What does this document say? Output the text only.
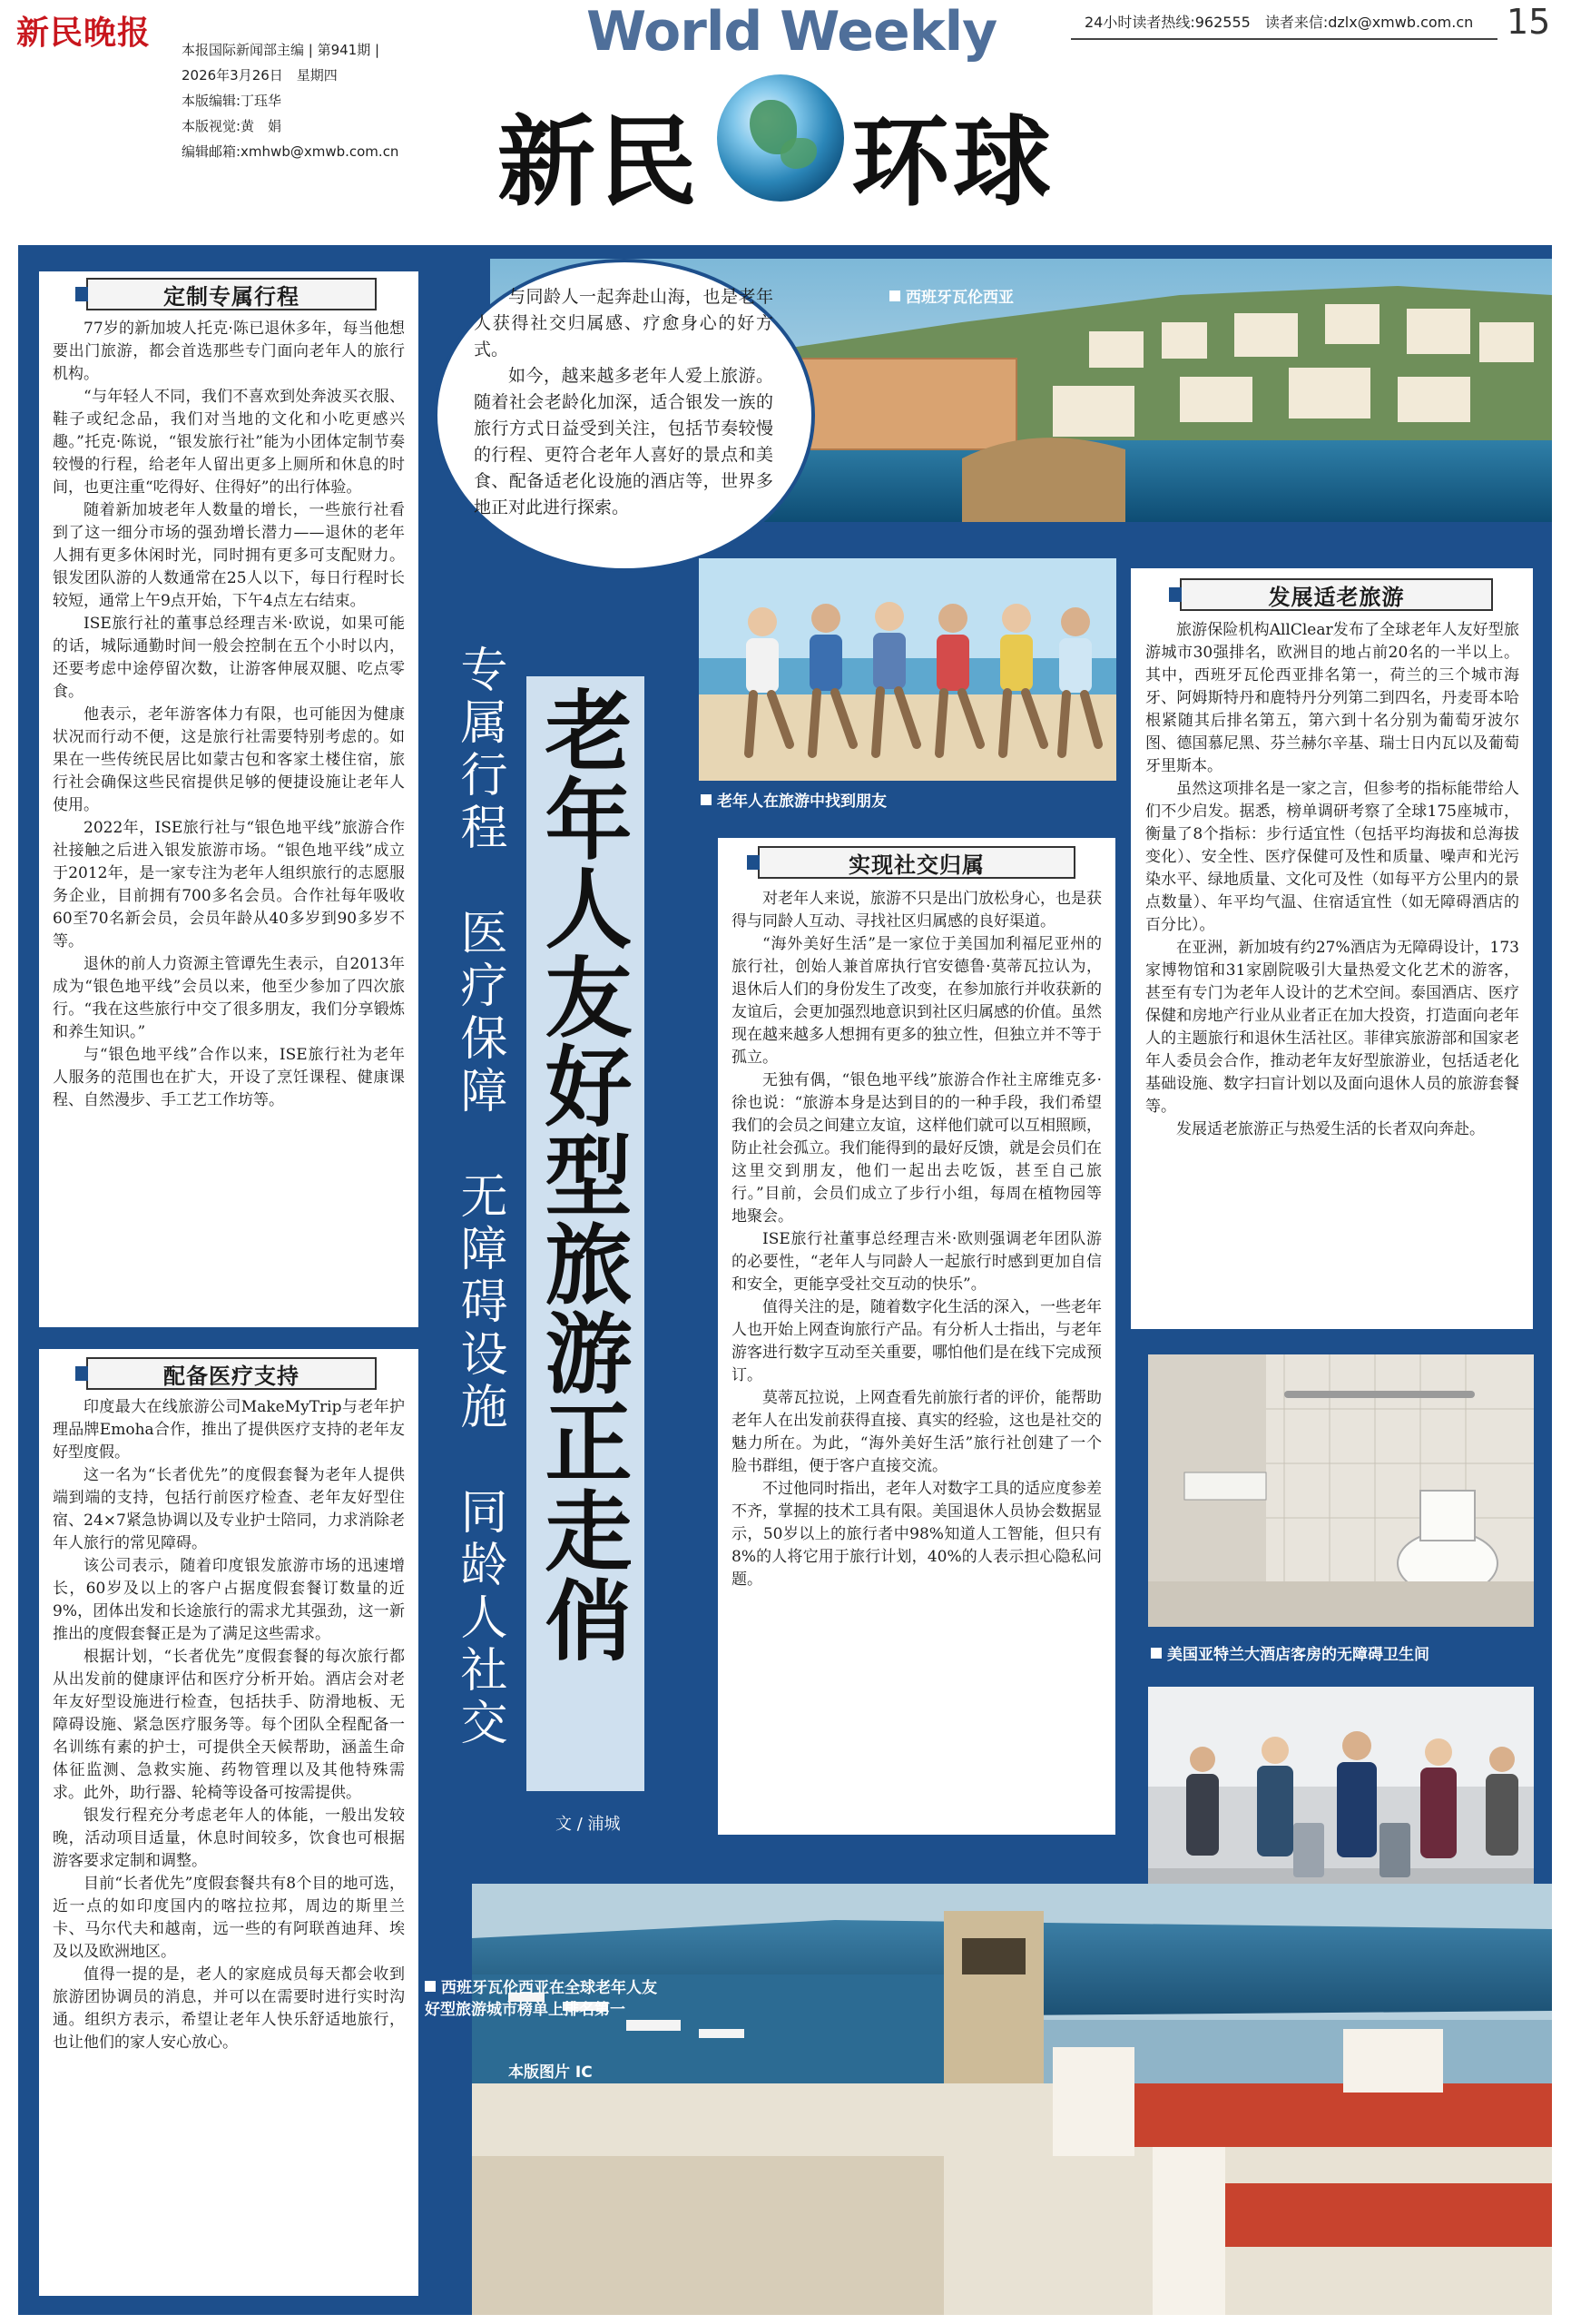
新民晚报 本报国际新闻部主编 | 第941期 |
2026年3月26日　星期四
本版编辑:丁珏华
本版视觉:黄　娟
编辑邮箱:xmhwb@xmwb.com.cn
World Weekly	24小时读者热线:962555　读者来信:dzlx@xmwb.com.cn 15
新民 环球
西班牙瓦伦西亚

与同龄人一起奔赴山海，也是老年人获得社交归属感、疗愈身心的好方式。

如今，越来越多老年人爱上旅游。随着社会老龄化加深，适合银发一族的旅行方式日益受到关注，包括节奏较慢的行程、更符合老年人喜好的景点和美食、配备适老化设施的酒店等，世界多地正对此进行探索。

定制专属行程

77岁的新加坡人托克·陈已退休多年，每当他想要出门旅游，都会首选那些专门面向老年人的旅行机构。

“与年轻人不同，我们不喜欢到处奔波买衣服、鞋子或纪念品，我们对当地的文化和小吃更感兴趣。”托克·陈说，“银发旅行社”能为小团体定制节奏较慢的行程，给老年人留出更多上厕所和休息的时间，也更注重“吃得好、住得好”的出行体验。

随着新加坡老年人数量的增长，一些旅行社看到了这一细分市场的强劲增长潜力——退休的老年人拥有更多休闲时光，同时拥有更多可支配财力。银发团队游的人数通常在25人以下，每日行程时长较短，通常上午9点开始，下午4点左右结束。

ISE旅行社的董事总经理吉米·欧说，如果可能的话，城际通勤时间一般会控制在五个小时以内，还要考虑中途停留次数，让游客伸展双腿、吃点零食。

他表示，老年游客体力有限，也可能因为健康状况而行动不便，这是旅行社需要特别考虑的。如果在一些传统民居比如蒙古包和客家土楼住宿，旅行社会确保这些民宿提供足够的便捷设施让老年人使用。

2022年，ISE旅行社与“银色地平线”旅游合作社接触之后进入银发旅游市场。“银色地平线”成立于2012年，是一家专注为老年人组织旅行的志愿服务企业，目前拥有700多名会员。合作社每年吸收60至70名新会员，会员年龄从40多岁到90多岁不等。

退休的前人力资源主管谭先生表示，自2013年成为“银色地平线”会员以来，他至少参加了四次旅行。“我在这些旅行中交了很多朋友，我们分享锻炼和养生知识。”

与“银色地平线”合作以来，ISE旅行社为老年人服务的范围也在扩大，开设了烹饪课程、健康课程、自然漫步、手工艺工作坊等。

配备医疗支持

印度最大在线旅游公司MakeMyTrip与老年护理品牌Emoha合作，推出了提供医疗支持的老年友好型度假。

这一名为“长者优先”的度假套餐为老年人提供端到端的支持，包括行前医疗检查、老年友好型住宿、24×7紧急协调以及专业护士陪同，力求消除老年人旅行的常见障碍。

该公司表示，随着印度银发旅游市场的迅速增长，60岁及以上的客户占据度假套餐订数量的近9%，团体出发和长途旅行的需求尤其强劲，这一新推出的度假套餐正是为了满足这些需求。

根据计划，“长者优先”度假套餐的每次旅行都从出发前的健康评估和医疗分析开始。酒店会对老年友好型设施进行检查，包括扶手、防滑地板、无障碍设施、紧急医疗服务等。每个团队全程配备一名训练有素的护士，可提供全天候帮助，涵盖生命体征监测、急救实施、药物管理以及其他特殊需求。此外，助行器、轮椅等设备可按需提供。

银发行程充分考虑老年人的体能，一般出发较晚，活动项目适量，休息时间较多，饮食也可根据游客要求定制和调整。

目前“长者优先”度假套餐共有8个目的地可选，近一点的如印度国内的喀拉拉邦，周边的斯里兰卡、马尔代夫和越南，远一些的有阿联酋迪拜、埃及以及欧洲地区。

值得一提的是，老人的家庭成员每天都会收到旅游团协调员的消息，并可以在需要时进行实时沟通。组织方表示，希望让老年人快乐舒适地旅行，也让他们的家人安心放心。

专属行程　医疗保障　无障碍设施　同龄人社交 老年人友好型旅游正走俏
文 / 浦城
老年人在旅游中找到朋友
实现社交归属

对老年人来说，旅游不只是出门放松身心，也是获得与同龄人互动、寻找社区归属感的良好渠道。

“海外美好生活”是一家位于美国加利福尼亚州的旅行社，创始人兼首席执行官安德鲁·莫蒂瓦拉认为，退休后人们的身份发生了改变，在参加旅行并收获新的友谊后，会更加强烈地意识到社区归属感的价值。虽然现在越来越多人想拥有更多的独立性，但独立并不等于孤立。

无独有偶，“银色地平线”旅游合作社主席维克多·徐也说：“旅游本身是达到目的的一种手段，我们希望我们的会员之间建立友谊，这样他们就可以互相照顾，防止社会孤立。我们能得到的最好反馈，就是会员们在这里交到朋友，他们一起出去吃饭，甚至自己旅行。”目前，会员们成立了步行小组，每周在植物园等地聚会。

ISE旅行社董事总经理吉米·欧则强调老年团队游的必要性，“老年人与同龄人一起旅行时感到更加自信和安全，更能享受社交互动的快乐”。

值得关注的是，随着数字化生活的深入，一些老年人也开始上网查询旅行产品。有分析人士指出，与老年游客进行数字互动至关重要，哪怕他们是在线下完成预订。

莫蒂瓦拉说，上网查看先前旅行者的评价，能帮助老年人在出发前获得直接、真实的经验，这也是社交的魅力所在。为此，“海外美好生活”旅行社创建了一个脸书群组，便于客户直接交流。

不过他同时指出，老年人对数字工具的适应度参差不齐，掌握的技术工具有限。美国退休人员协会数据显示，50岁以上的旅行者中98%知道人工智能，但只有8%的人将它用于旅行计划，40%的人表示担心隐私问题。

发展适老旅游

旅游保险机构AllClear发布了全球老年人友好型旅游城市30强排名，欧洲目的地占前20名的一半以上。其中，西班牙瓦伦西亚排名第一，荷兰的三个城市海牙、阿姆斯特丹和鹿特丹分列第二到四名，丹麦哥本哈根紧随其后排名第五，第六到十名分别为葡萄牙波尔图、德国慕尼黑、芬兰赫尔辛基、瑞士日内瓦以及葡萄牙里斯本。

虽然这项排名是一家之言，但参考的指标能带给人们不少启发。据悉，榜单调研考察了全球175座城市，衡量了8个指标：步行适宜性（包括平均海拔和总海拔变化）、安全性、医疗保健可及性和质量、噪声和光污染水平、绿地质量、文化可及性（如每平方公里内的景点数量）、年平均气温、住宿适宜性（如无障碍酒店的百分比）。

在亚洲，新加坡有约27%酒店为无障碍设计，173家博物馆和31家剧院吸引大量热爱文化艺术的游客，甚至有专门为老年人设计的艺术空间。泰国酒店、医疗保健和房地产行业从业者正在加大投资，打造面向老年人的主题旅行和退休生活社区。菲律宾旅游部和国家老年人委员会合作，推动老年友好型旅游业，包括适老化基础设施、数字扫盲计划以及面向退休人员的旅游套餐等。

发展适老旅游正与热爱生活的长者双向奔赴。

美国亚特兰大酒店客房的无障碍卫生间
西班牙瓦伦西亚在全球老年人友好型旅游城市榜单上排名第一
本版图片 IC
